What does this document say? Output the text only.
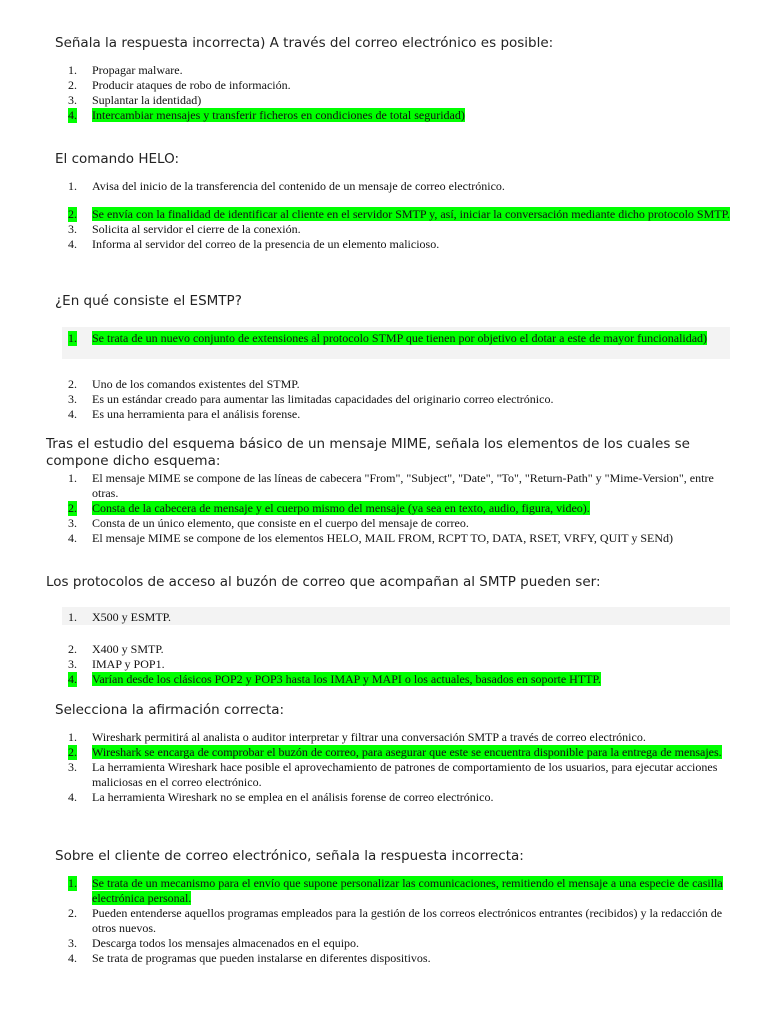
Señala la respuesta incorrecta) A través del correo electrónico es posible:
1. Propagar malware.
2. Producir ataques de robo de información.
3. Suplantar la identidad)
4. Intercambiar mensajes y transferir ficheros en condiciones de total seguridad)
El comando HELO:
1. Avisa del inicio de la transferencia del contenido de un mensaje de correo electrónico.
2. Se envía con la finalidad de identificar al cliente en el servidor SMTP y, así, iniciar la conversación mediante dicho protocolo SMTP.
3. Solicita al servidor el cierre de la conexión.
4. Informa al servidor del correo de la presencia de un elemento malicioso.
¿En qué consiste el ESMTP?
1. Se trata de un nuevo conjunto de extensiones al protocolo STMP que tienen por objetivo el dotar a este de mayor funcionalidad)
2. Uno de los comandos existentes del STMP.
3. Es un estándar creado para aumentar las limitadas capacidades del originario correo electrónico.
4. Es una herramienta para el análisis forense.
Tras el estudio del esquema básico de un mensaje MIME, señala los elementos de los cuales se compone dicho esquema:
1. El mensaje MIME se compone de las líneas de cabecera "From", "Subject", "Date", "To", "Return-Path" y "Mime-Version", entre otras.
2. Consta de la cabecera de mensaje y el cuerpo mismo del mensaje (ya sea en texto, audio, figura, video).
3. Consta de un único elemento, que consiste en el cuerpo del mensaje de correo.
4. El mensaje MIME se compone de los elementos HELO, MAIL FROM, RCPT TO, DATA, RSET, VRFY, QUIT y SENd)
Los protocolos de acceso al buzón de correo que acompañan al SMTP pueden ser:
1. X500 y ESMTP.
2. X400 y SMTP.
3. IMAP y POP1.
4. Varían desde los clásicos POP2 y POP3 hasta los IMAP y MAPI o los actuales, basados en soporte HTTP.
Selecciona la afirmación correcta:
1. Wireshark permitirá al analista o auditor interpretar y filtrar una conversación SMTP a través de correo electrónico.
2. Wireshark se encarga de comprobar el buzón de correo, para asegurar que este se encuentra disponible para la entrega de mensajes.
3. La herramienta Wireshark hace posible el aprovechamiento de patrones de comportamiento de los usuarios, para ejecutar acciones maliciosas en el correo electrónico.
4. La herramienta Wireshark no se emplea en el análisis forense de correo electrónico.
Sobre el cliente de correo electrónico, señala la respuesta incorrecta:
1. Se trata de un mecanismo para el envío que supone personalizar las comunicaciones, remitiendo el mensaje a una especie de casilla electrónica personal.
2. Pueden entenderse aquellos programas empleados para la gestión de los correos electrónicos entrantes (recibidos) y la redacción de otros nuevos.
3. Descarga todos los mensajes almacenados en el equipo.
4. Se trata de programas que pueden instalarse en diferentes dispositivos.
